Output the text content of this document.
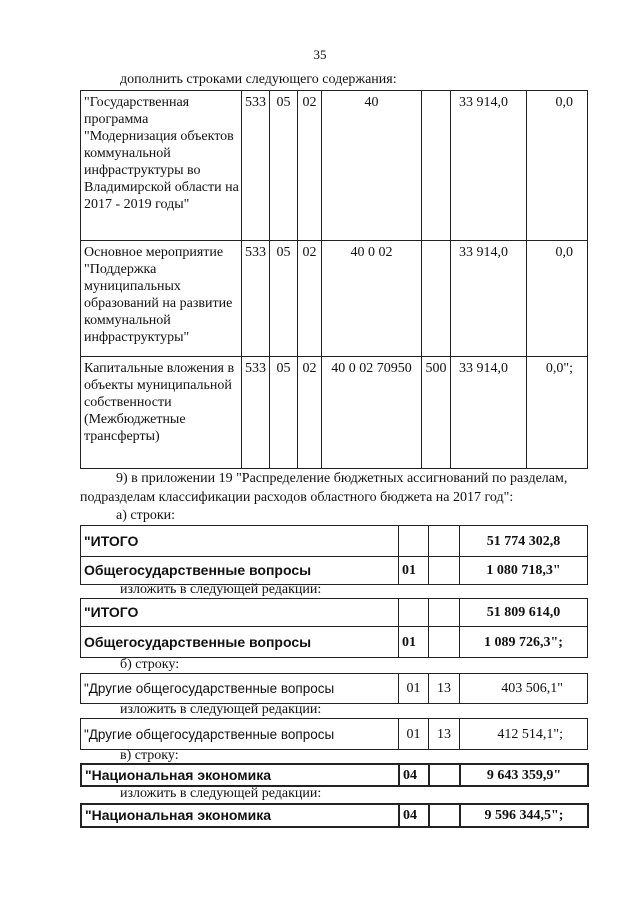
35
дополнить строками следующего содержания:
"Государственная программа "Модернизация объектов коммунальной инфраструктуры во Владимирской области на 2017 - 2019 годы"	533	05	02	40		33 914,0	0,0
Основное мероприятие "Поддержка муниципальных образований на развитие коммунальной инфраструктуры"	533	05	02	40 0 02		33 914,0	0,0
Капитальные вложения в объекты муниципальной собственности (Межбюджетные трансферты)	533	05	02	40 0 02 70950	500	33 914,0	0,0";
9) в приложении 19 "Распределение бюджетных ассигнований по разделам,
подразделам классификации расходов областного бюджета на 2017 год":
а) строки:
"ИТОГО			51 774 302,8
Общегосударственные вопросы	01		1 080 718,3"
изложить в следующей редакции:
"ИТОГО			51 809 614,0
Общегосударственные вопросы	01		1 089 726,3";
б) строку:
"Другие общегосударственные вопросы	01	13	403 506,1"
изложить в следующей редакции:
"Другие общегосударственные вопросы	01	13	412 514,1";
в) строку:
"Национальная экономика	04		9 643 359,9"
изложить в следующей редакции:
"Национальная экономика	04		9 596 344,5";
